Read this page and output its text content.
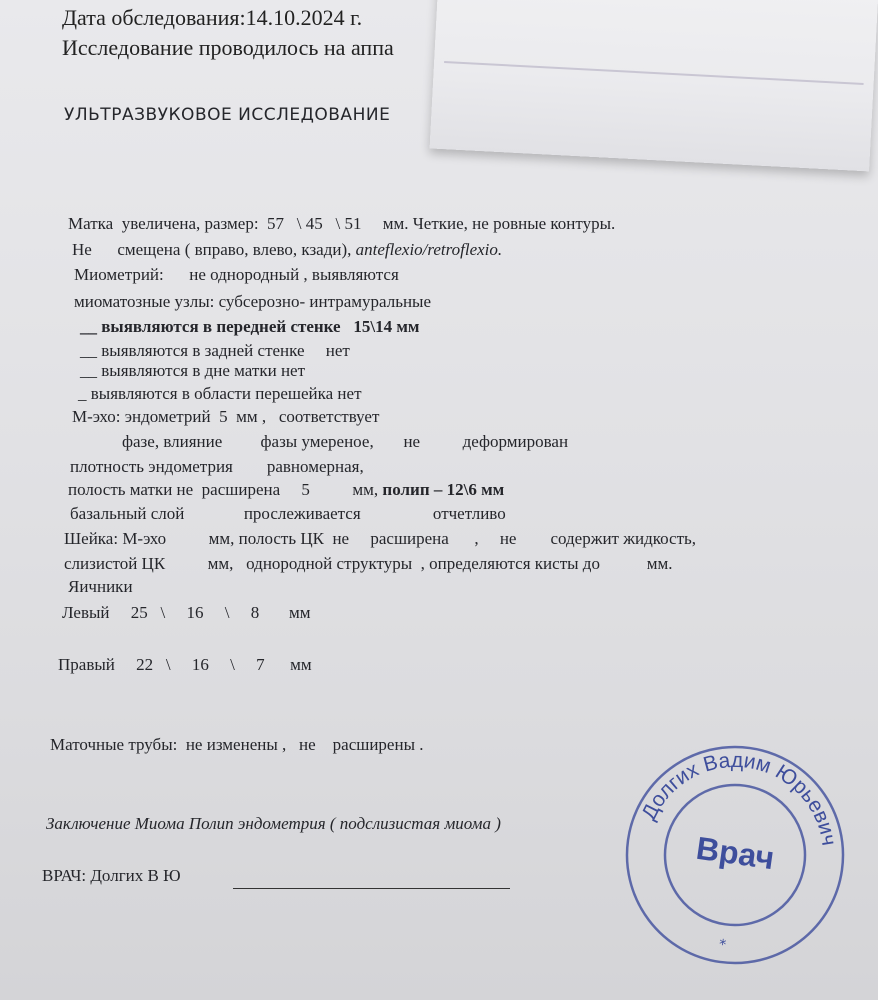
Дата обследования:14.10.2024 г.
Исследование проводилось на аппа
УЛЬТРАЗВУКОВОЕ ИССЛЕДОВАНИЕ
Матка  увеличена, размер:  57   \ 45   \ 51     мм. Четкие, не ровные контуры.
Не      смещена ( вправо, влево, кзади), anteflexio/retroflexio.
Миометрий:      не однородный , выявляются
миоматозные узлы: субсерозно- интрамуральные
__ выявляются в передней стенке   15\14 мм
__ выявляются в задней стенке     нет
__ выявляются в дне матки нет
_ выявляются в области перешейка нет
М-эхо: эндометрий  5  мм ,   соответствует
фазе, влияние         фазы умереное,       не          деформирован
плотность эндометрия        равномерная,
полость матки не  расширена     5          мм, полип – 12\6 мм
базальный слой              прослеживается                 отчетливо
Шейка: М-эхо          мм, полость ЦК  не     расширена      ,     не        содержит жидкость,
слизистой ЦК          мм,   однородной структуры  , определяются кисты до           мм.
Яичники
Левый     25   \     16     \     8       мм
Правый     22   \     16     \     7      мм
Маточные трубы:  не изменены ,   не    расширены .
Заключение Миома Полип эндометрия ( подслизистая миома )
ВРАЧ: Долгих В Ю
Долгих Вадим Юрьевич
Врач
*
